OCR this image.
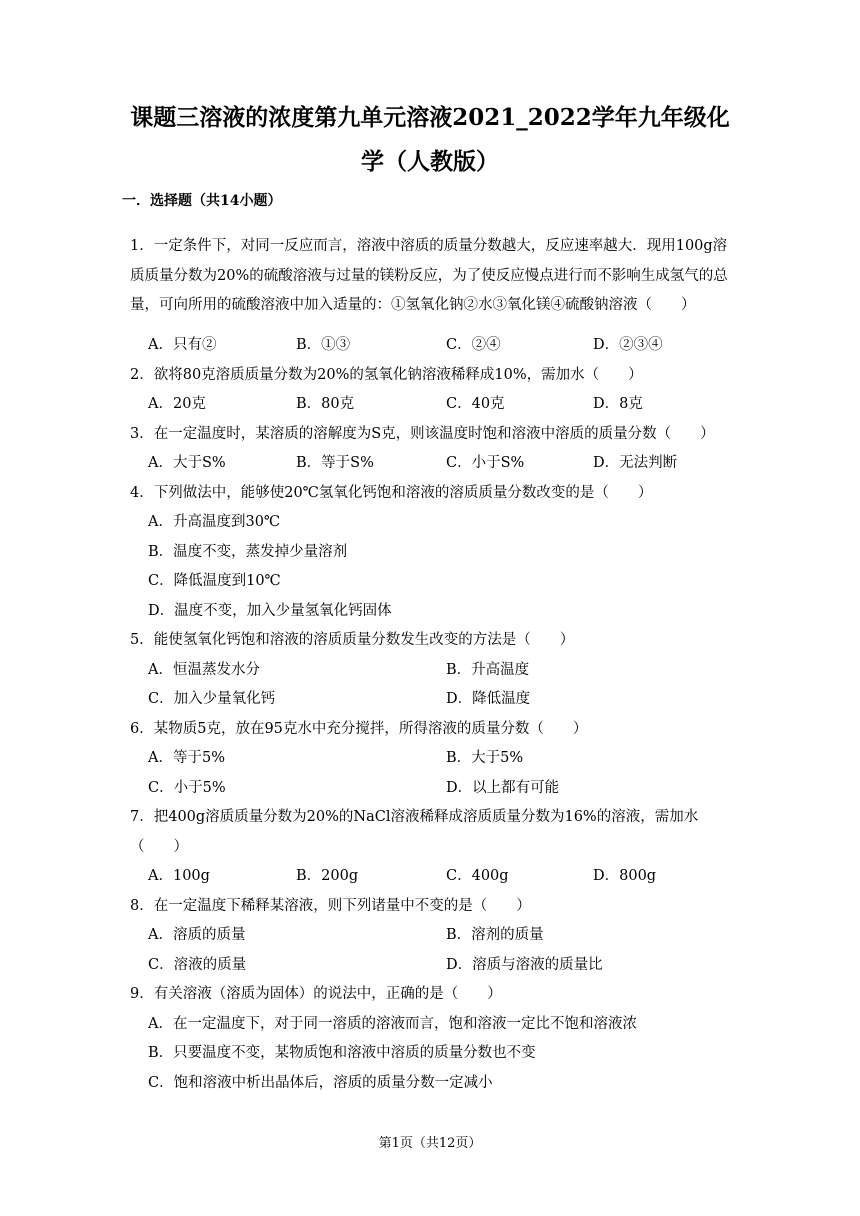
课题三溶液的浓度第九单元溶液2021_2022学年九年级化学（人教版）
一．选择题（共14小题）
1．一定条件下，对同一反应而言，溶液中溶质的质量分数越大，反应速率越大．现用100g溶质质量分数为20%的硫酸溶液与过量的镁粉反应，为了使反应慢点进行而不影响生成氢气的总量，可向所用的硫酸溶液中加入适量的：①氢氧化钠②水③氧化镁④硫酸钠溶液（　　）
A．只有②	B．①③	C．②④	D．②③④
2．欲将80克溶质质量分数为20%的氢氧化钠溶液稀释成10%，需加水（　　）
A．20克	B．80克	C．40克	D．8克
3．在一定温度时，某溶质的溶解度为S克，则该温度时饱和溶液中溶质的质量分数（　　）
A．大于S%	B．等于S%	C．小于S%	D．无法判断
4．下列做法中，能够使20℃氢氧化钙饱和溶液的溶质质量分数改变的是（　　）
A．升高温度到30℃
B．温度不变，蒸发掉少量溶剂
C．降低温度到10℃
D．温度不变，加入少量氢氧化钙固体
5．能使氢氧化钙饱和溶液的溶质质量分数发生改变的方法是（　　）
A．恒温蒸发水分	B．升高温度
C．加入少量氧化钙	D．降低温度
6．某物质5克，放在95克水中充分搅拌，所得溶液的质量分数（　　）
A．等于5%	B．大于5%
C．小于5%	D．以上都有可能
7．把400g溶质质量分数为20%的NaCl溶液稀释成溶质质量分数为16%的溶液，需加水（　　）
A．100g	B．200g	C．400g	D．800g
8．在一定温度下稀释某溶液，则下列诸量中不变的是（　　）
A．溶质的质量	B．溶剂的质量
C．溶液的质量	D．溶质与溶液的质量比
9．有关溶液（溶质为固体）的说法中，正确的是（　　）
A．在一定温度下，对于同一溶质的溶液而言，饱和溶液一定比不饱和溶液浓
B．只要温度不变，某物质饱和溶液中溶质的质量分数也不变
C．饱和溶液中析出晶体后，溶质的质量分数一定减小
第1页（共12页）
